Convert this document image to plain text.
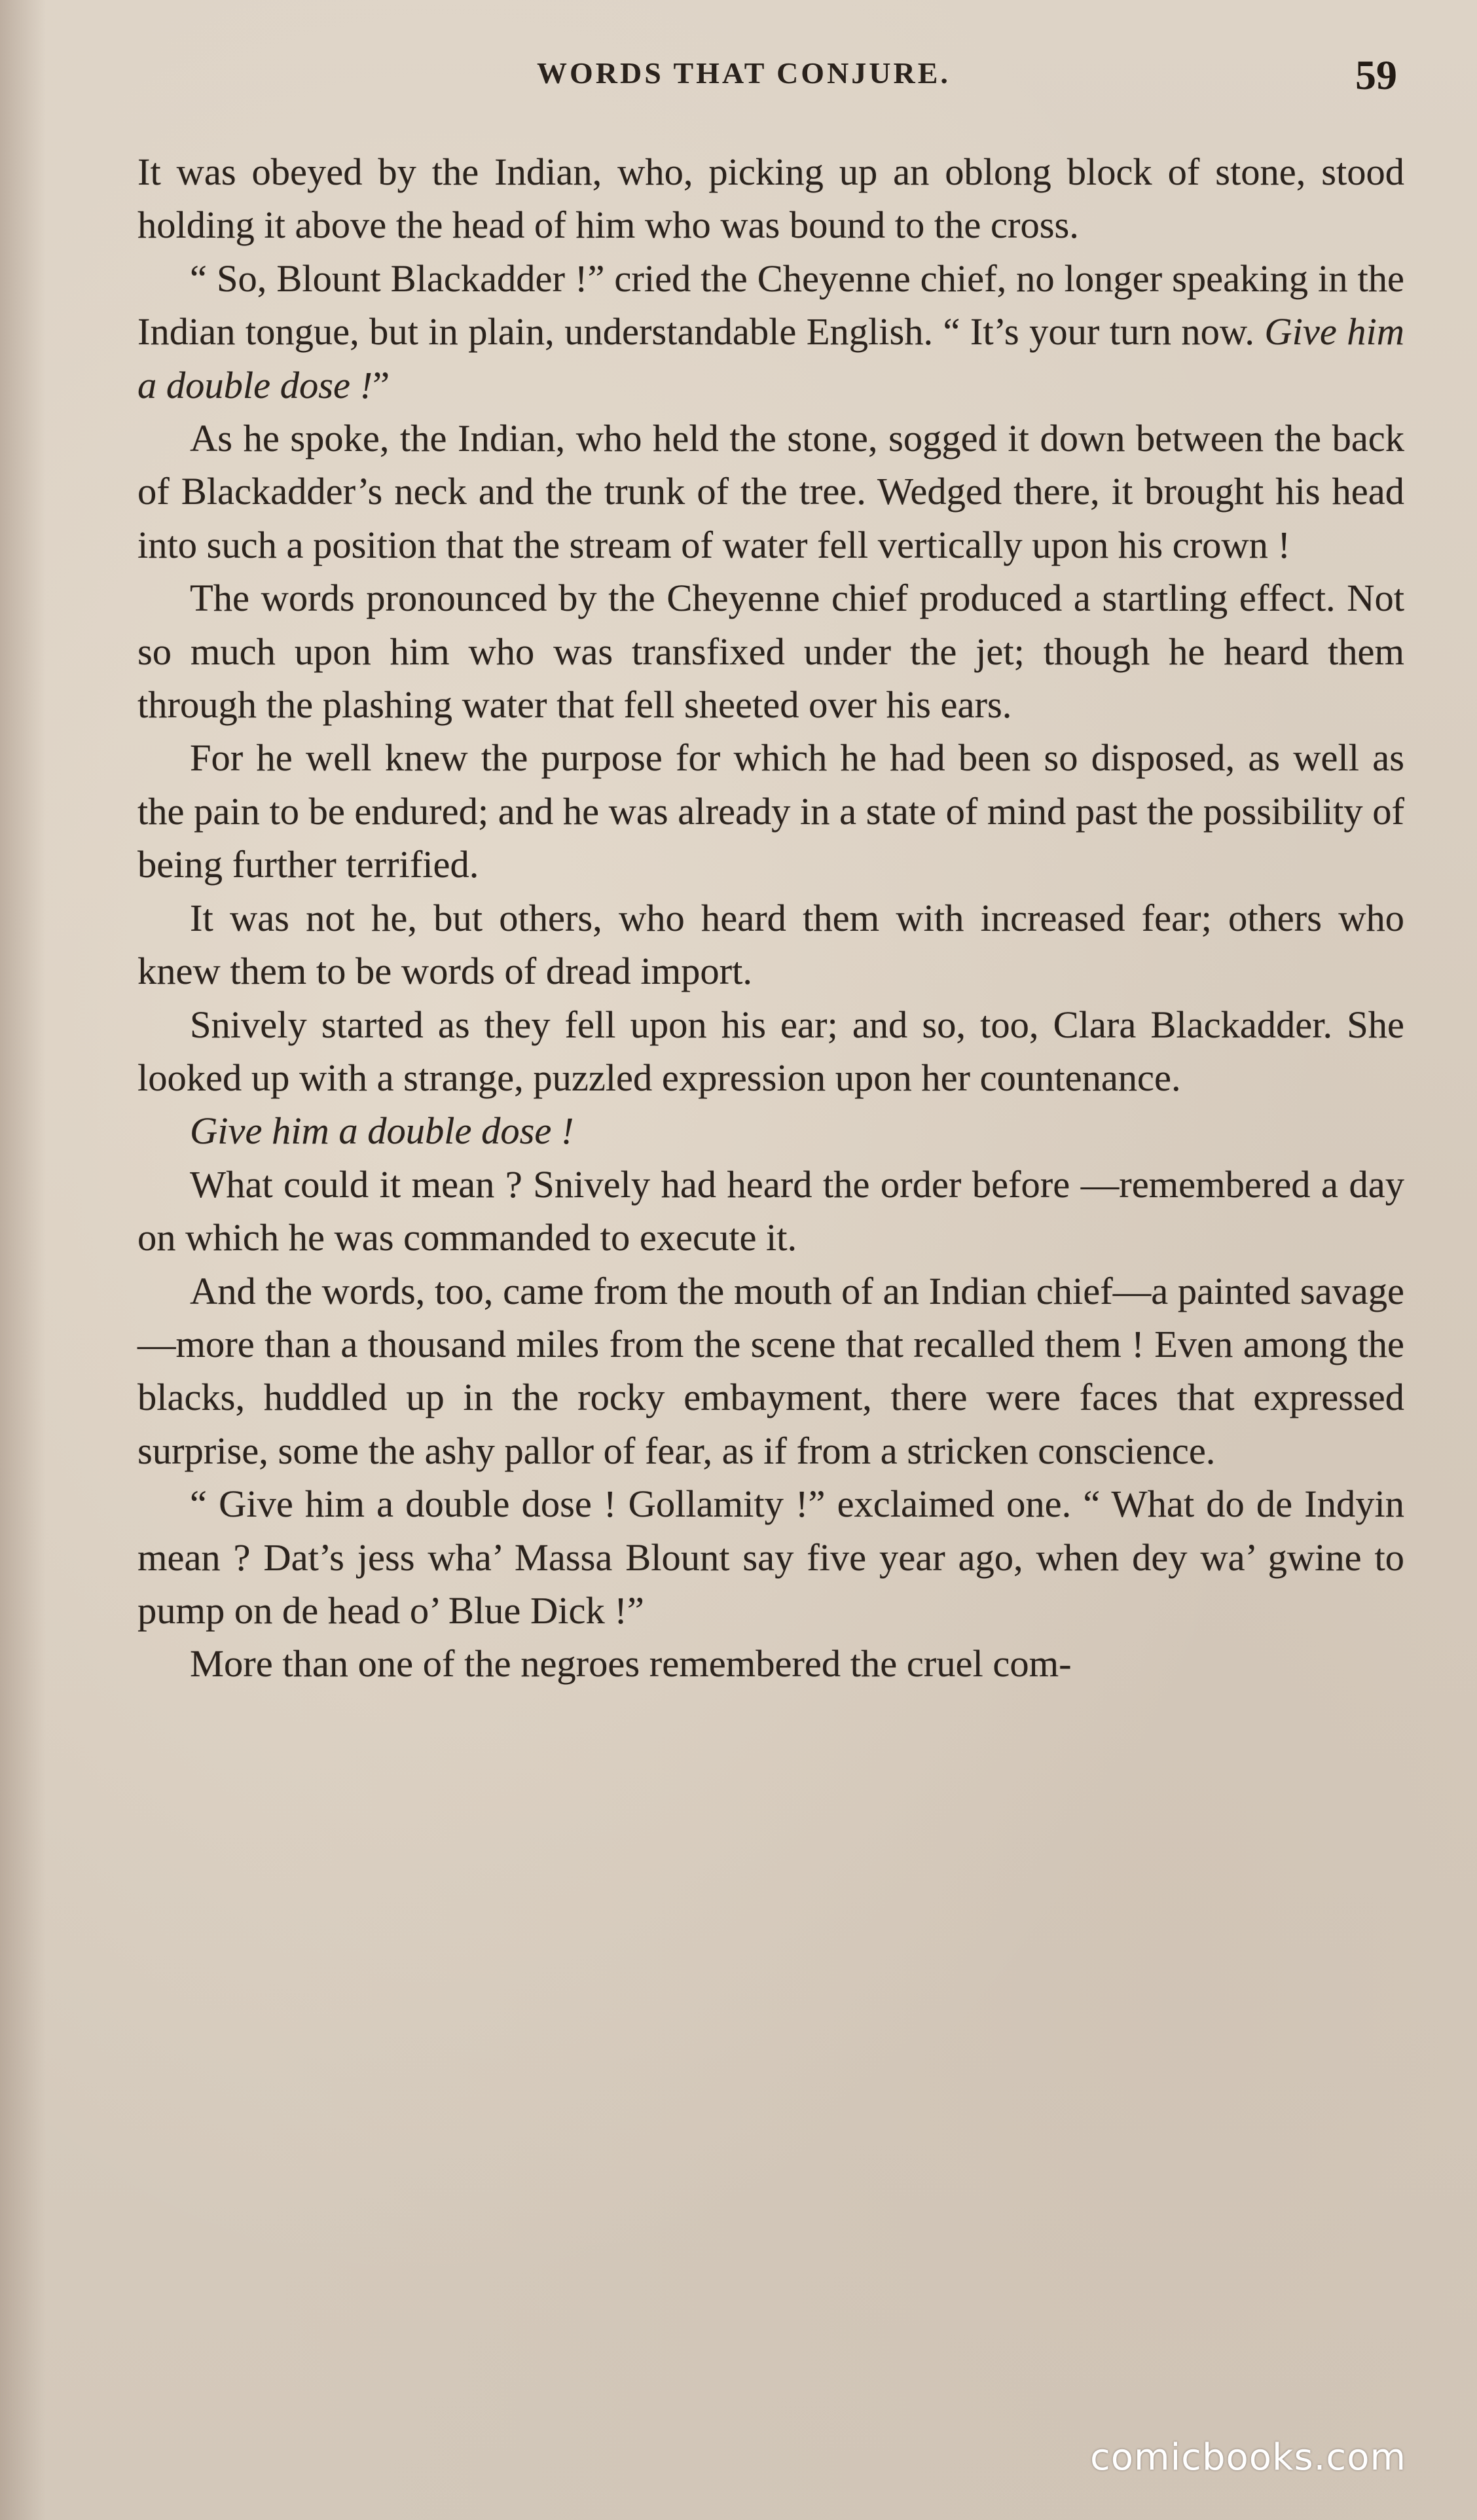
WORDS THAT CONJURE.	59

It was obeyed by the Indian, who, picking up an oblong block of stone, stood holding it above the head of him who was bound to the cross.

“ So, Blount Blackadder !” cried the Cheyenne chief, no longer speaking in the Indian tongue, but in plain, understandable English. “ It’s your turn now. Give him a double dose !”

As he spoke, the Indian, who held the stone, sogged it down between the back of Blackadder’s neck and the trunk of the tree. Wedged there, it brought his head into such a position that the stream of water fell vertically upon his crown !

The words pronounced by the Cheyenne chief produced a startling effect. Not so much upon him who was transfixed under the jet; though he heard them through the plashing water that fell sheeted over his ears.

For he well knew the purpose for which he had been so disposed, as well as the pain to be endured; and he was already in a state of mind past the possibility of being further terrified.

It was not he, but others, who heard them with increased fear; others who knew them to be words of dread import.

Snively started as they fell upon his ear; and so, too, Clara Blackadder. She looked up with a strange, puzzled expression upon her countenance.

Give him a double dose !

What could it mean ? Snively had heard the order before —remembered a day on which he was commanded to execute it.

And the words, too, came from the mouth of an Indian chief—a painted savage—more than a thousand miles from the scene that recalled them ! Even among the blacks, huddled up in the rocky embayment, there were faces that expressed surprise, some the ashy pallor of fear, as if from a stricken conscience.

“ Give him a double dose ! Gollamity !” exclaimed one. “ What do de Indyin mean ? Dat’s jess wha’ Massa Blount say five year ago, when dey wa’ gwine to pump on de head o’ Blue Dick !”

More than one of the negroes remembered the cruel com-

comicbooks.com
